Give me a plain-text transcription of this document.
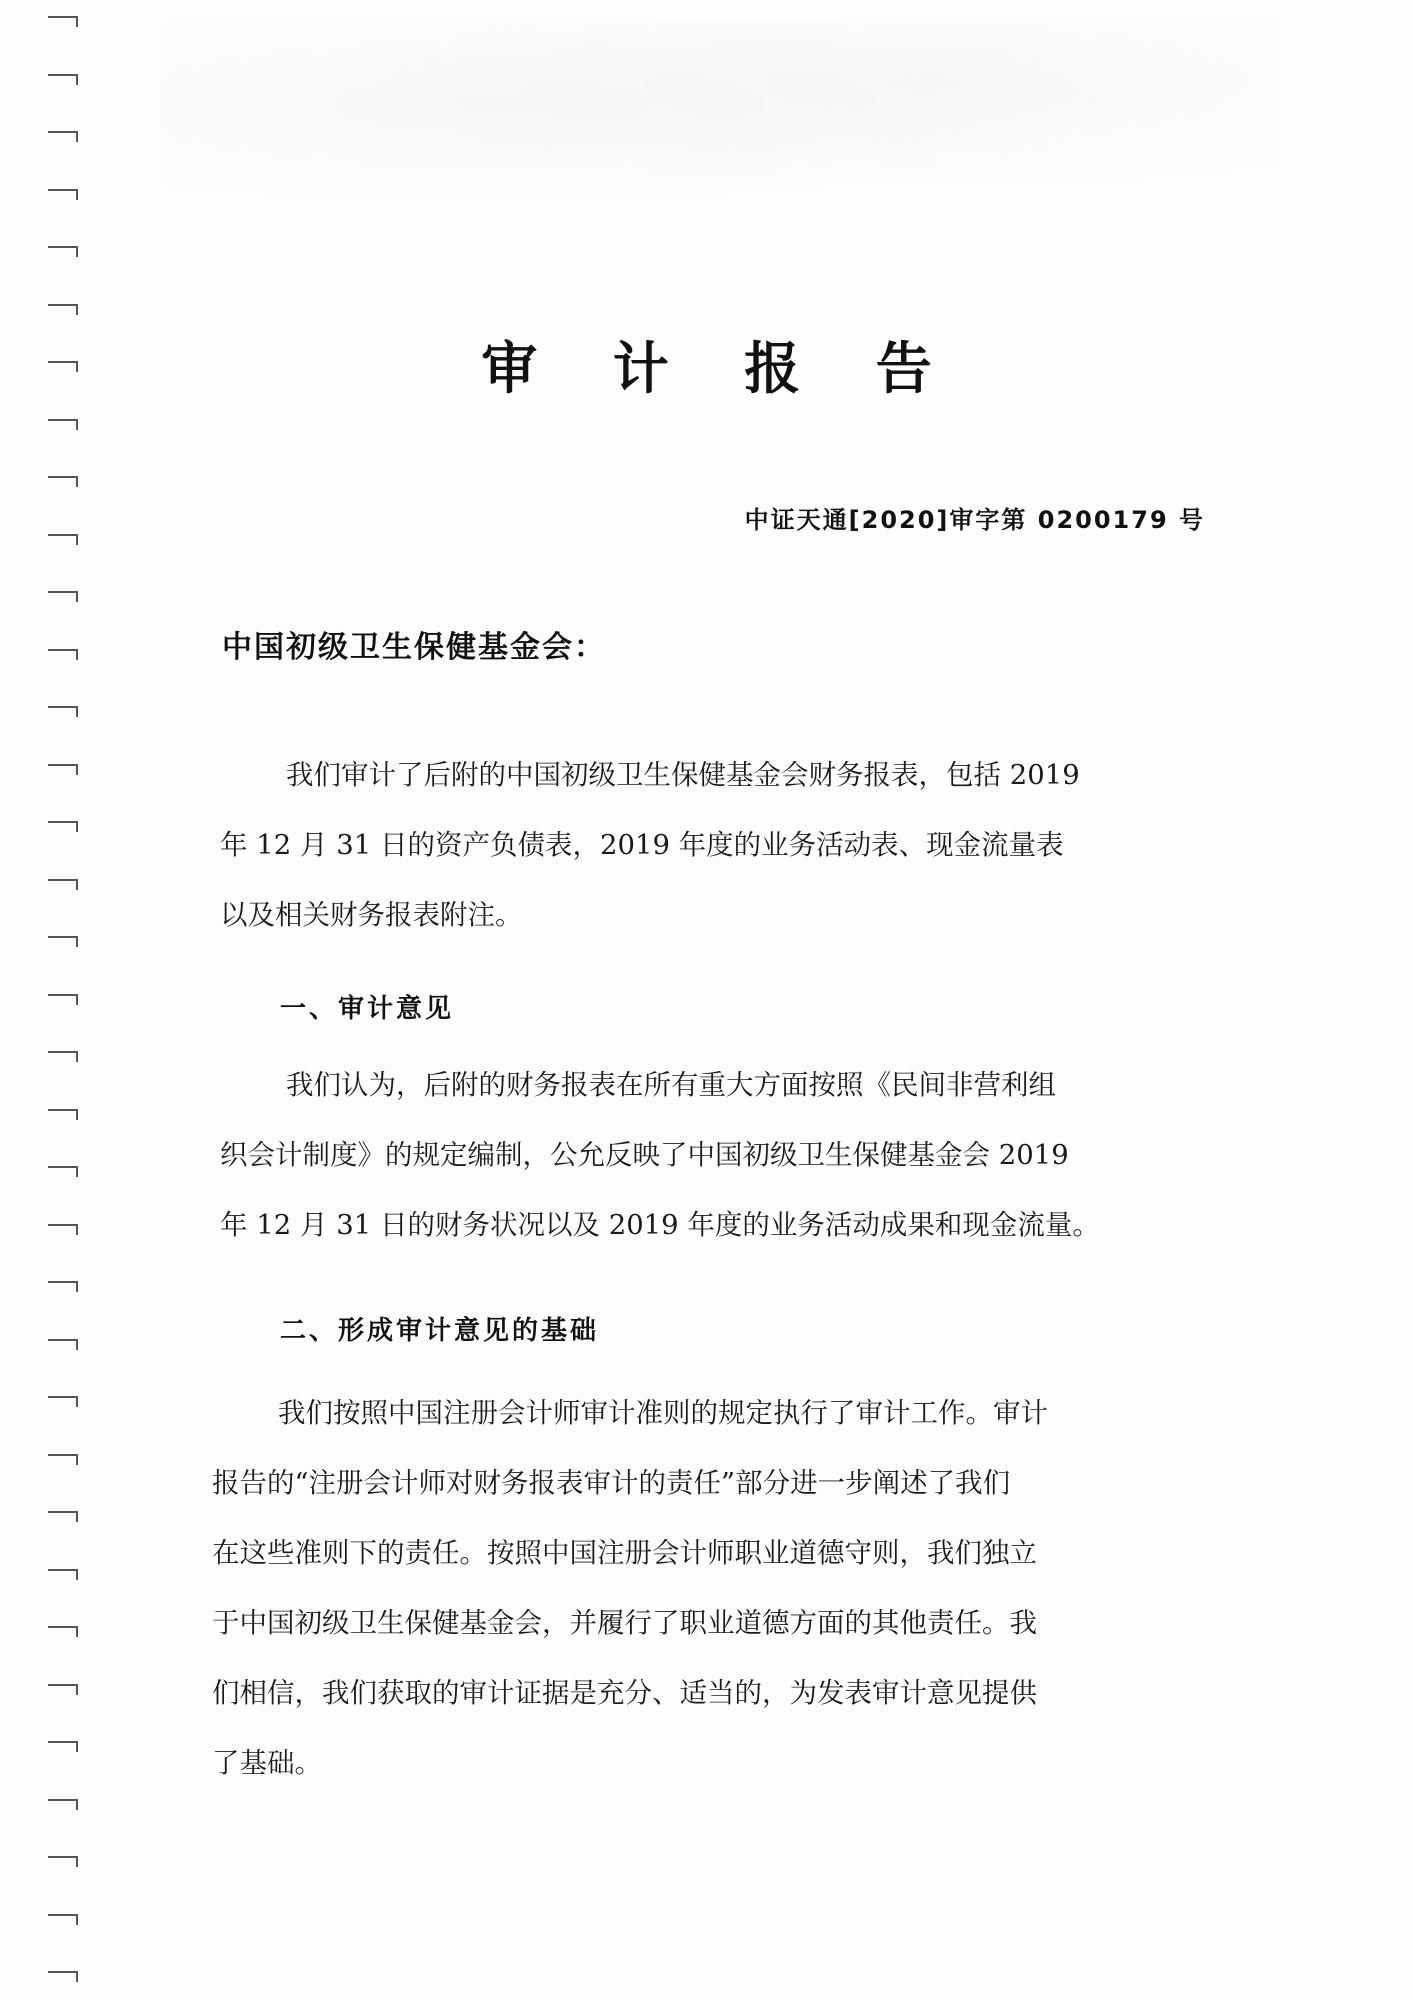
审 计 报 告
中证天通[2020]审字第 0200179 号
中国初级卫生保健基金会：
我们审计了后附的中国初级卫生保健基金会财务报表，包括 2019
年 12 月 31 日的资产负债表，2019 年度的业务活动表、现金流量表
以及相关财务报表附注。
一、审计意见
我们认为，后附的财务报表在所有重大方面按照《民间非营利组
织会计制度》的规定编制，公允反映了中国初级卫生保健基金会 2019
年 12 月 31 日的财务状况以及 2019 年度的业务活动成果和现金流量。
二、形成审计意见的基础
我们按照中国注册会计师审计准则的规定执行了审计工作。审计
报告的“注册会计师对财务报表审计的责任”部分进一步阐述了我们
在这些准则下的责任。按照中国注册会计师职业道德守则，我们独立
于中国初级卫生保健基金会，并履行了职业道德方面的其他责任。我
们相信，我们获取的审计证据是充分、适当的，为发表审计意见提供
了基础。
